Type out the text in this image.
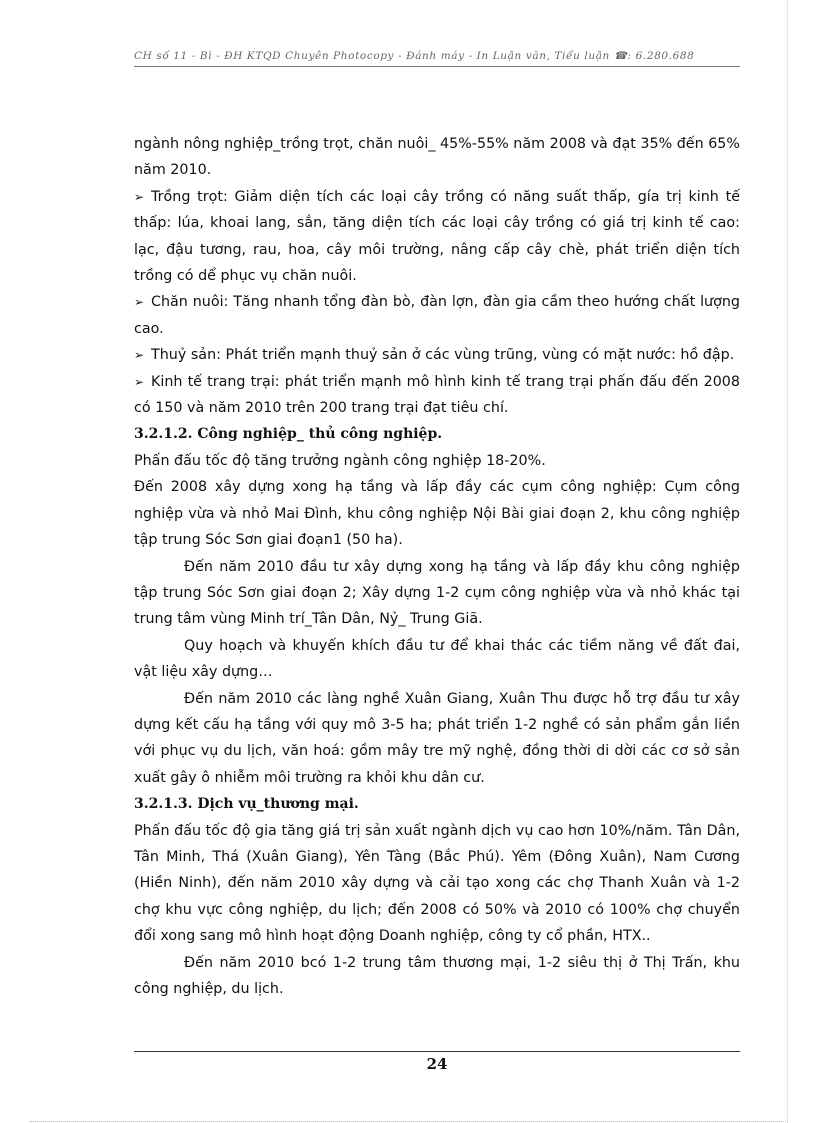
CH số 11 - Bì - ĐH KTQD Chuyên Photocopy - Đánh máy - In Luận văn, Tiểu luận ☎: 6.280.688

ngành nông nghiệp_trồng trọt, chăn nuôi_ 45%-55% năm 2008 và đạt 35% đến 65% năm 2010.

➢ Trồng trọt: Giảm diện tích các loại cây trồng có năng suất thấp, gía trị kinh tế thấp: lúa, khoai lang, sắn, tăng diện tích các loại cây trồng có giá trị kinh tế cao: lạc, đậu tương, rau, hoa, cây môi trường, nâng cấp cây chè, phát triển diện tích trồng có dể phục vụ chăn nuôi.

➢ Chăn nuôi: Tăng nhanh tổng đàn bò, đàn lợn, đàn gia cầm theo hướng chất lượng cao.

➢ Thuỷ sản: Phát triển mạnh thuỷ sản ở các vùng trũng, vùng có mặt nước: hồ đập.

➢ Kinh tế trang trại: phát triển mạnh mô hình kinh tế trang trại phấn đấu đến 2008 có 150 và năm 2010 trên 200 trang trại đạt tiêu chí.

3.2.1.2. Công nghiệp_ thủ công nghiệp.

Phấn đấu tốc độ tăng trưởng ngành công nghiệp 18-20%.

Đến 2008 xây dựng xong hạ tầng và lấp đầy các cụm công nghiệp: Cụm công nghiệp vừa và nhỏ Mai Đình, khu công nghiệp Nội Bài giai đoạn 2, khu công nghiệp tập trung Sóc Sơn giai đoạn1 (50 ha).

Đến năm 2010 đầu tư xây dựng xong hạ tầng và lấp đầy khu công nghiệp tập trung Sóc Sơn giai đoạn 2; Xây dựng 1-2 cụm công nghiệp vừa và nhỏ khác tại trung tâm vùng Minh trí_Tân Dân, Nỷ_ Trung Giã.

Quy hoạch và khuyến khích đầu tư để khai thác các tiềm năng về đất đai, vật liệu xây dựng…

Đến năm 2010 các làng nghề Xuân Giang, Xuân Thu được hỗ trợ đầu tư xây dựng kết cấu hạ tầng với quy mô 3-5 ha; phát triển 1-2 nghề có sản phẩm gắn liền với phục vụ du lịch, văn hoá: gồm mây tre mỹ nghệ, đồng thời di dời các cơ sở sản xuất gây ô nhiễm môi trường ra khỏi khu dân cư.

3.2.1.3. Dịch vụ_thương mại.

Phấn đấu tốc độ gia tăng giá trị sản xuất ngành dịch vụ cao hơn 10%/năm. Tân Dân, Tân Minh, Thá (Xuân Giang), Yên Tàng (Bắc Phú). Yêm (Đông Xuân), Nam Cương (Hiền Ninh), đến năm 2010 xây dựng và cải tạo xong các chợ Thanh Xuân và 1-2 chợ khu vực công nghiệp, du lịch; đến 2008 có 50% và 2010 có 100% chợ chuyển đổi xong sang mô hình hoạt động Doanh nghiệp, công ty cổ phần, HTX..

Đến năm 2010 bcó 1-2 trung tâm thương mại, 1-2 siêu thị ở Thị Trấn, khu công nghiệp, du lịch.

24
